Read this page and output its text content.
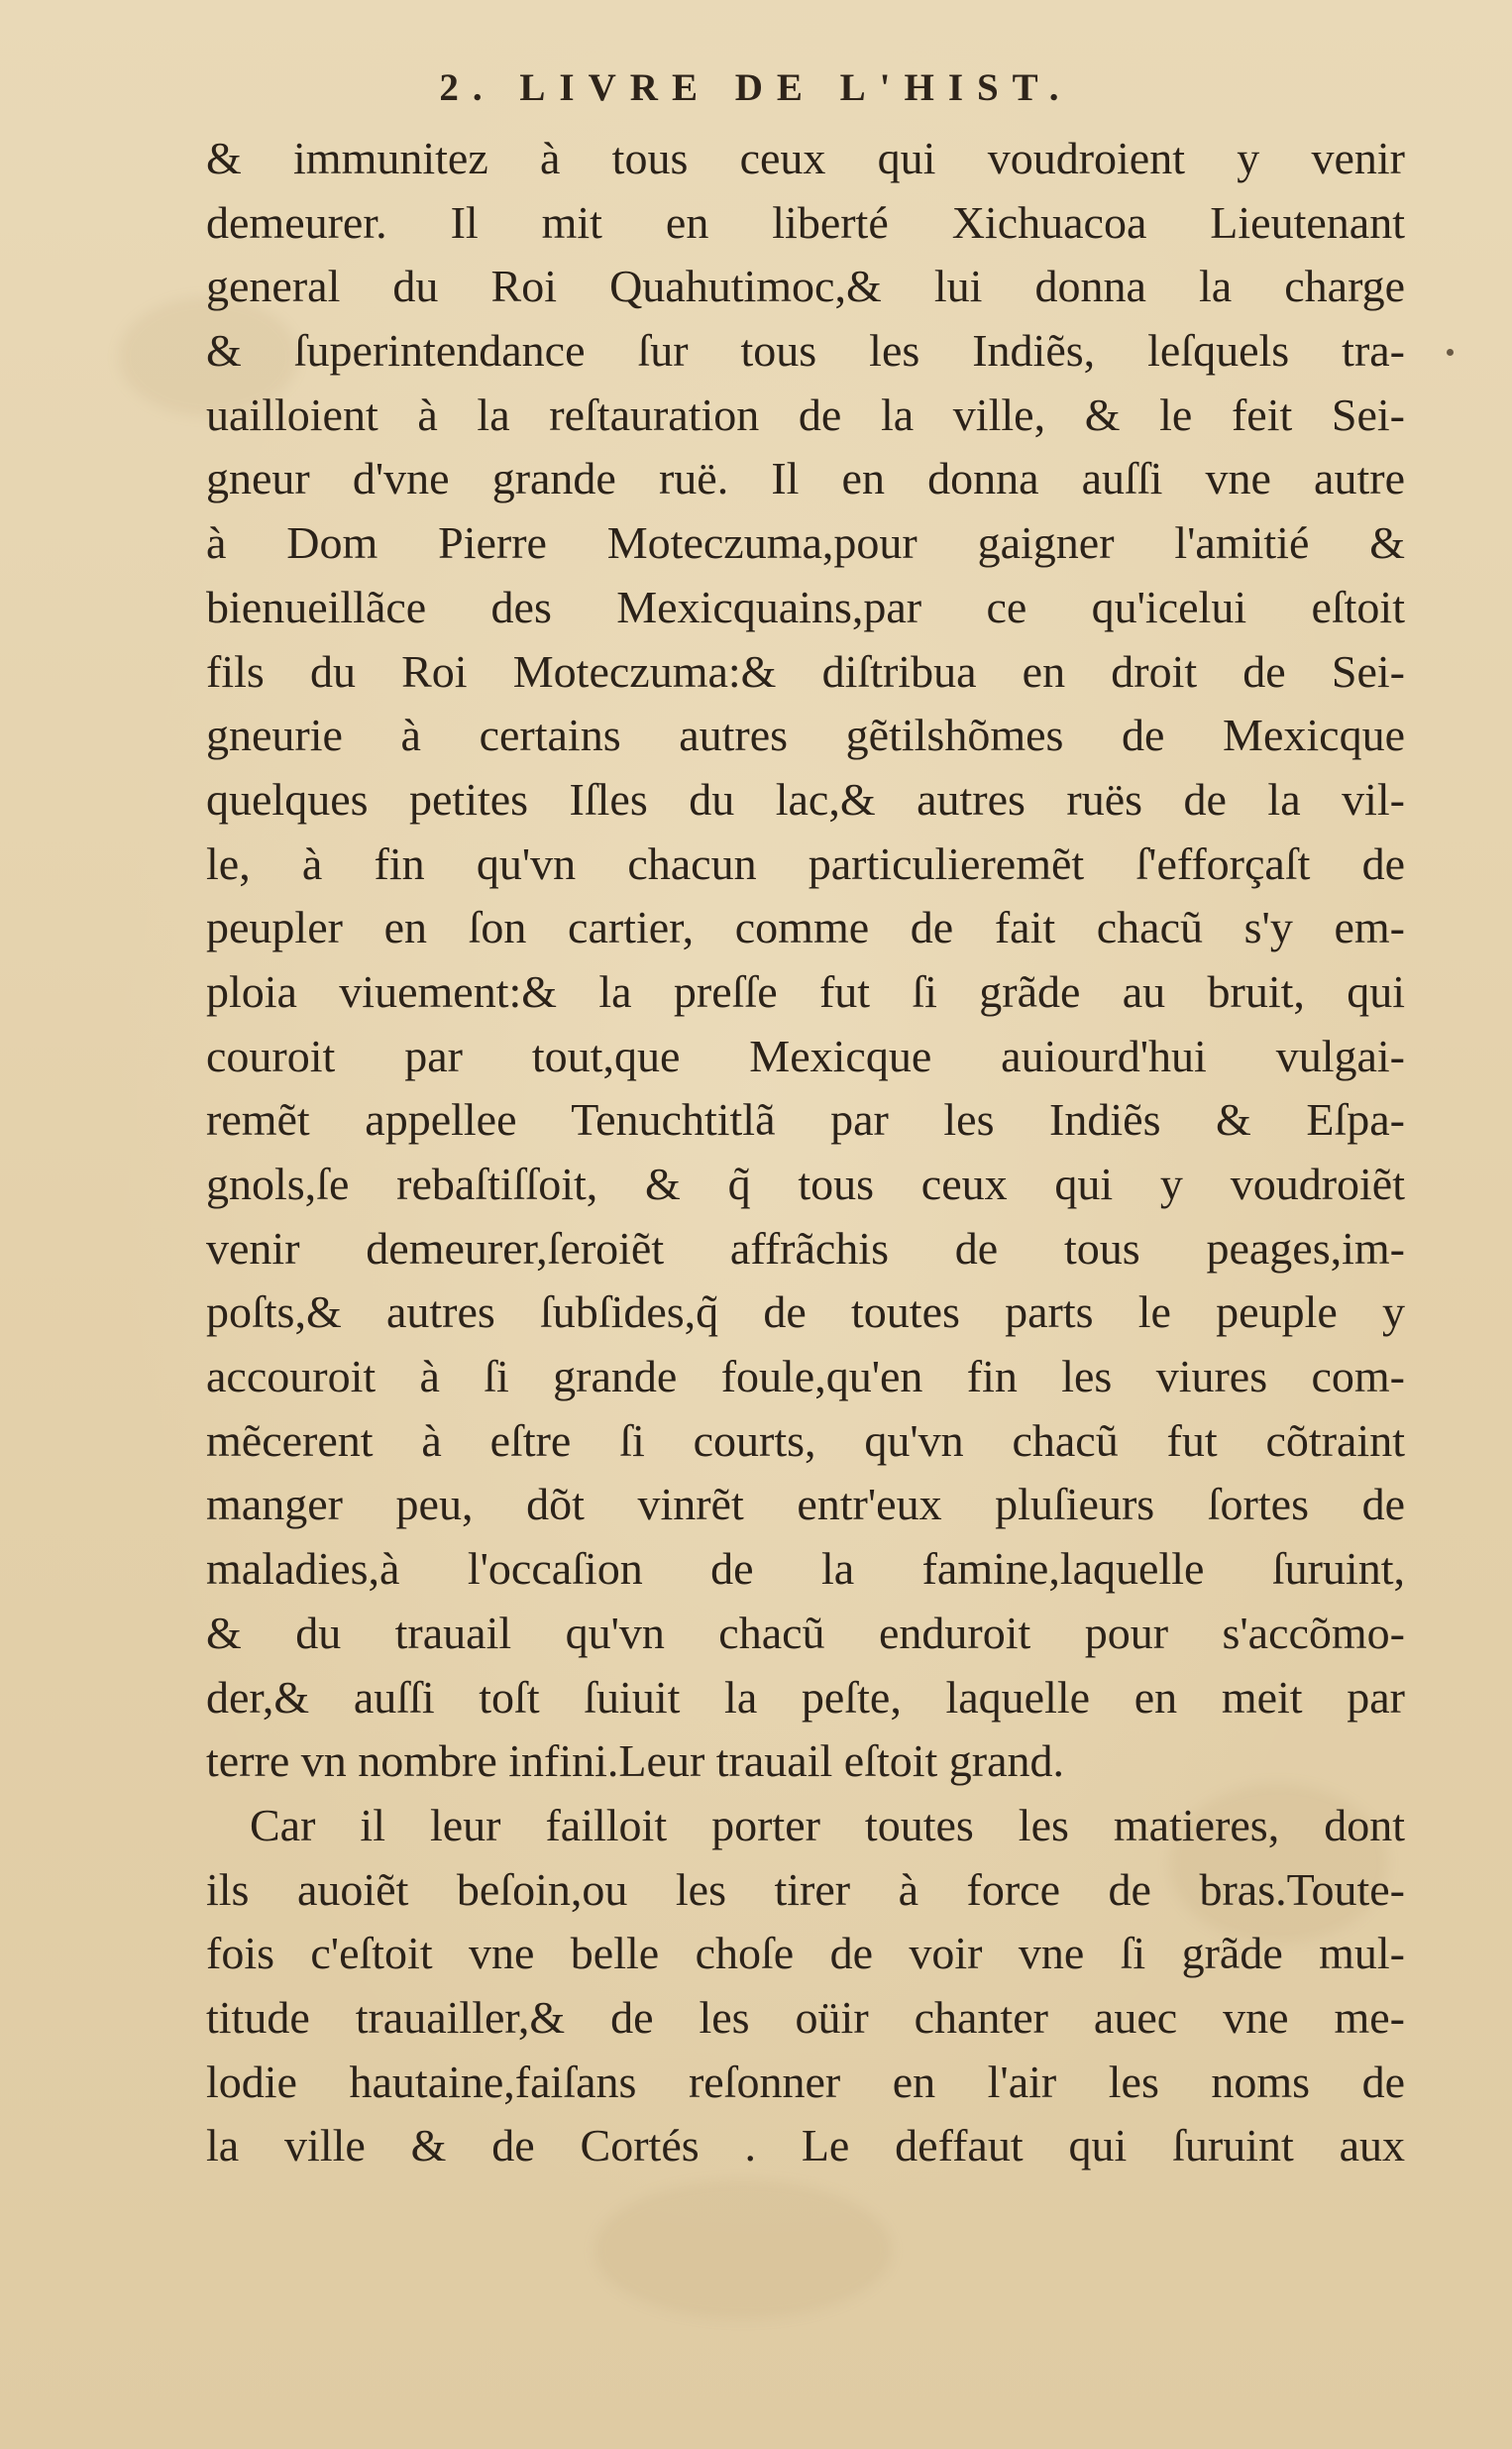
2. LIVRE DE L'HIST.
& immunitez à tous ceux qui voudroient y venir
demeurer. Il mit en liberté Xichuacoa Lieutenant
general du Roi Quahutimoc,& lui donna la charge
& ſuperintendance ſur tous les Indiẽs, leſquels tra-
uailloient à la reſtauration de la ville, & le feit Sei-
gneur d'vne grande ruë. Il en donna auſſi vne autre
à Dom Pierre Moteczuma,pour gaigner l'amitié &
bienueillãce des Mexicquains,par ce qu'icelui eſtoit
fils du Roi Moteczuma:& diſtribua en droit de Sei-
gneurie à certains autres gẽtilshõmes de Mexicque
quelques petites Iſles du lac,& autres ruës de la vil-
le, à fin qu'vn chacun particulieremẽt ſ'efforçaſt de
peupler en ſon cartier, comme de fait chacũ s'y em-
ploia viuement:& la preſſe fut ſi grãde au bruit, qui
couroit par tout,que Mexicque auiourd'hui vulgai-
remẽt appellee Tenuchtitlã par les Indiẽs & Eſpa-
gnols,ſe rebaſtiſſoit, & q̃ tous ceux qui y voudroiẽt
venir demeurer,ſeroiẽt affrãchis de tous peages,im-
poſts,& autres ſubſides,q̃ de toutes parts le peuple y
accouroit à ſi grande foule,qu'en fin les viures com-
mẽcerent à eſtre ſi courts, qu'vn chacũ fut cõtraint
manger peu, dõt vinrẽt entr'eux pluſieurs ſortes de
maladies,à l'occaſion de la famine,laquelle ſuruint,
& du trauail qu'vn chacũ enduroit pour s'accõmo-
der,& auſſi toſt ſuiuit la peſte, laquelle en meit par
terre vn nombre infini.Leur trauail eſtoit grand.
Car il leur failloit porter toutes les matieres, dont
ils auoiẽt beſoin,ou les tirer à force de bras.Toute-
fois c'eſtoit vne belle choſe de voir vne ſi grãde mul-
titude trauailler,& de les oüir chanter auec vne me-
lodie hautaine,faiſans reſonner en l'air les noms de
la ville & de Cortés . Le deffaut qui ſuruint aux
